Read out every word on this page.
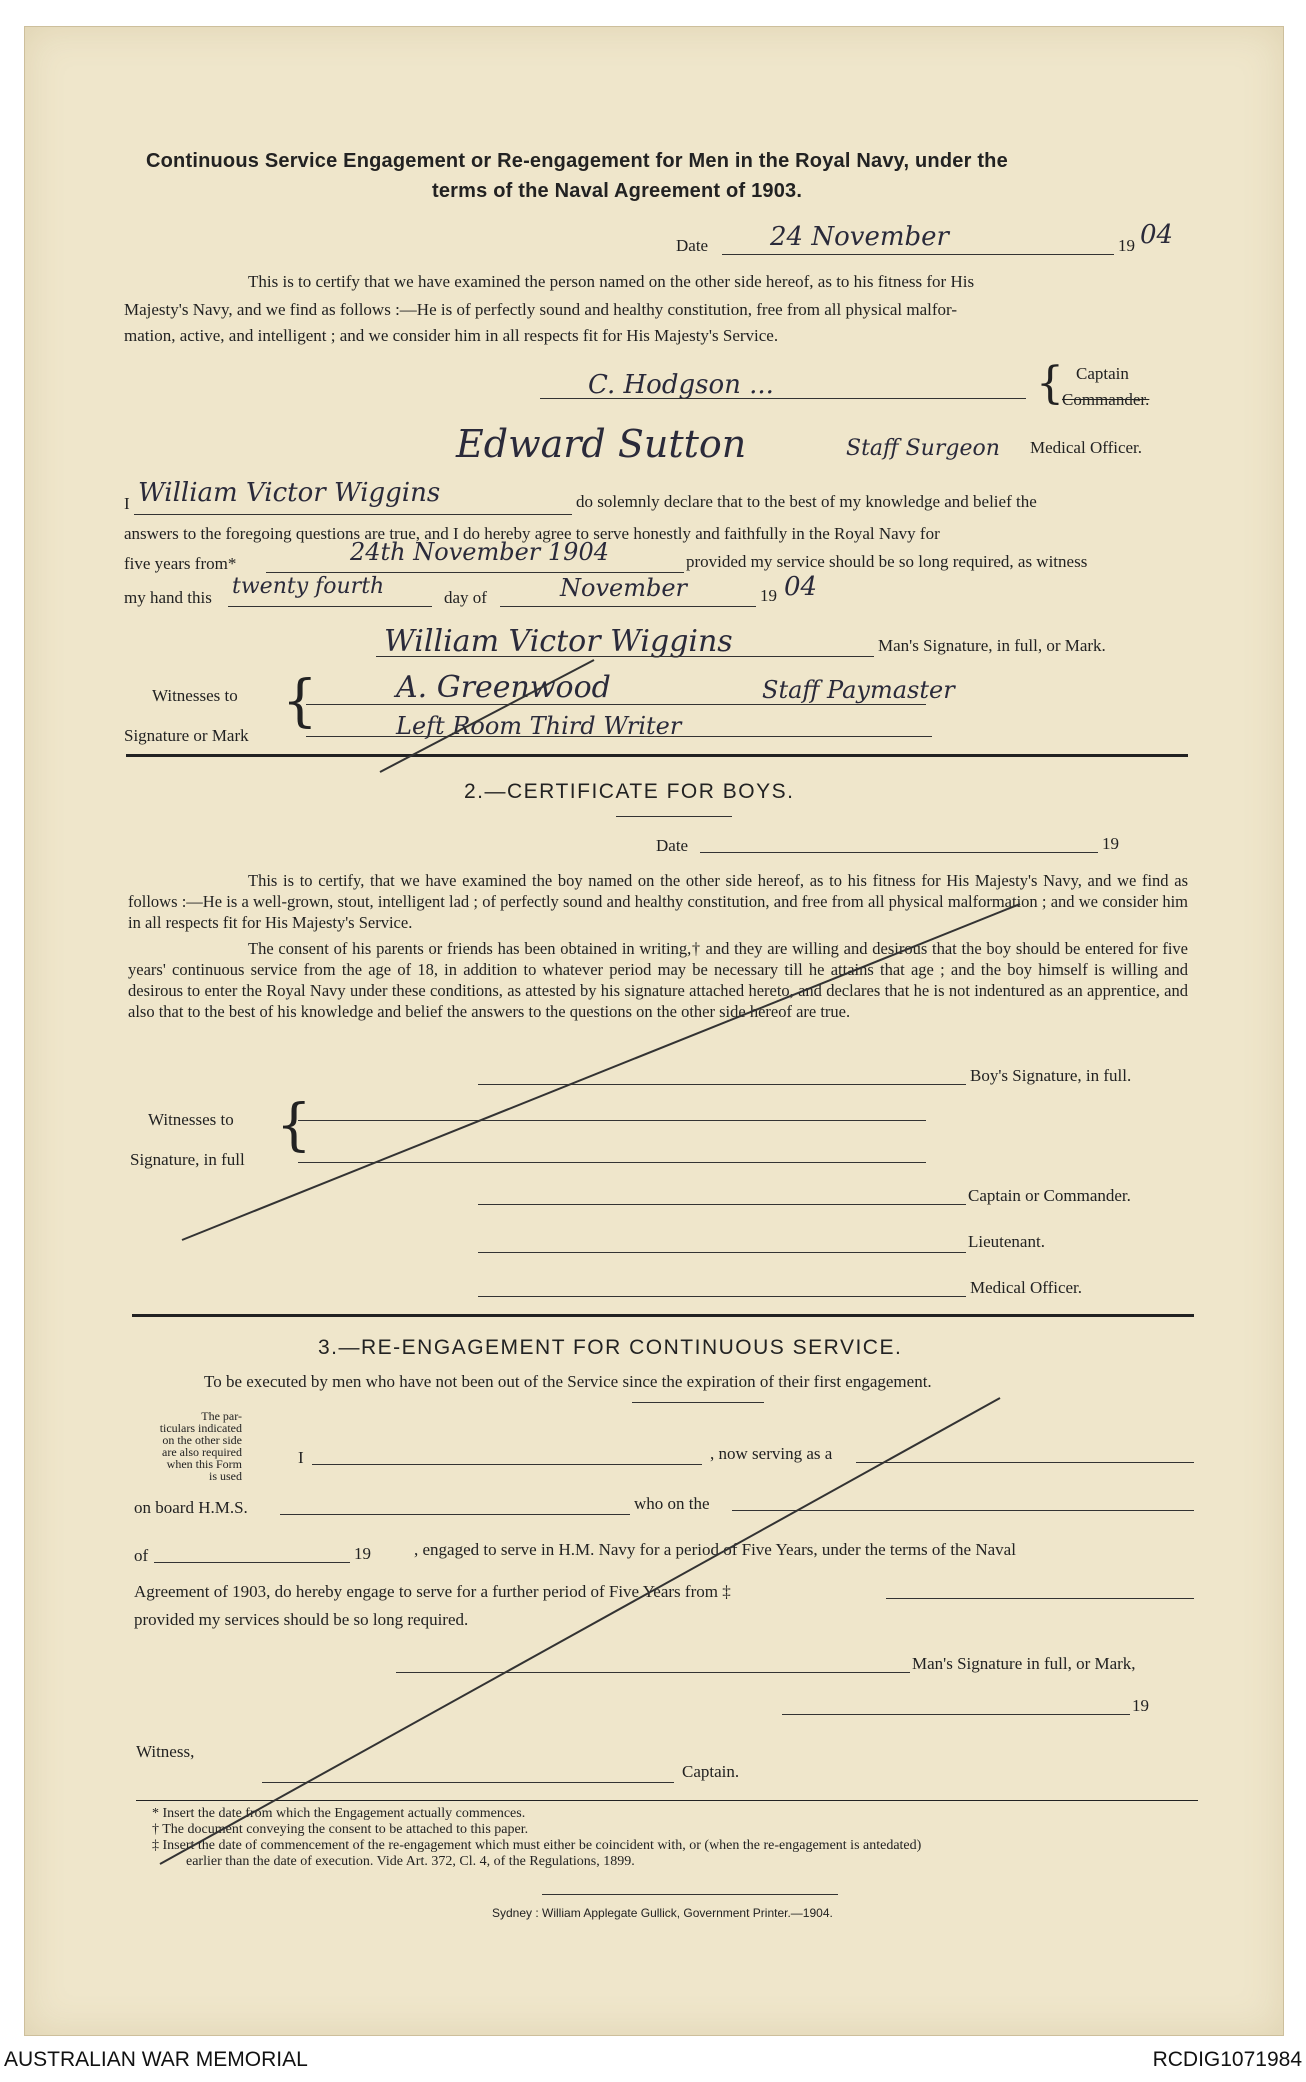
Continuous Service Engagement or Re-engagement for Men in the Royal Navy, under the
terms of the Naval Agreement of 1903.
Date 24 November	19 04
This is to certify that we have examined the person named on the other side hereof, as to his fitness for His
Majesty's Navy, and we find as follows :—He is of perfectly sound and healthy constitution, free from all physical malfor-
mation, active, and intelligent ; and we consider him in all respects fit for His Majesty's Service.
C. Hodgson ...	{ Captain
Commander.
Edward Sutton	Staff Surgeon Medical Officer.
I William Victor Wiggins	do solemnly declare that to the best of my knowledge and belief the
answers to the foregoing questions are true, and I do hereby agree to serve honestly and faithfully in the Royal Navy for
five years from*	24th November 1904	provided my service should be so long required, as witness
my hand this twenty fourth	day of	November	19 04
William Victor Wiggins	Man's Signature, in full, or Mark.
Witnesses to
Signature or Mark
{	A. Greenwood	Staff Paymaster
Left Room Third Writer
2.—CERTIFICATE FOR BOYS.
Date	19
This is to certify, that we have examined the boy named on the other side hereof, as to his fitness for His Majesty's Navy, and we find as follows :—He is a well-grown, stout, intelligent lad ; of perfectly sound and healthy constitution, and free from all physical malformation ; and we consider him in all respects fit for His Majesty's Service.
The consent of his parents or friends has been obtained in writing,† and they are willing and desirous that the boy should be entered for five years' continuous service from the age of 18, in addition to whatever period may be necessary till he attains that age ; and the boy himself is willing and desirous to enter the Royal Navy under these conditions, as attested by his signature attached hereto, and declares that he is not indentured as an apprentice, and also that to the best of his knowledge and belief the answers to the questions on the other side hereof are true.
Boy's Signature, in full.
Witnesses to
Signature, in full
{
Captain or Commander.
Lieutenant.
Medical Officer.
3.—RE-ENGAGEMENT FOR CONTINUOUS SERVICE.
To be executed by men who have not been out of the Service since the expiration of their first engagement.
The par-
ticulars indicated
on the other side
are also required
when this Form
is used
I	, now serving as a
on board H.M.S.	who on the
of	19	, engaged to serve in H.M. Navy for a period of Five Years, under the terms of the Naval
Agreement of 1903, do hereby engage to serve for a further period of Five Years from ‡
provided my services should be so long required.
Man's Signature in full, or Mark,
19
Witness,
Captain.
* Insert the date from which the Engagement actually commences.
† The document conveying the consent to be attached to this paper.
‡ Insert the date of commencement of the re-engagement which must either be coincident with, or (when the re-engagement is antedated)
earlier than the date of execution. Vide Art. 372, Cl. 4, of the Regulations, 1899.
Sydney : William Applegate Gullick, Government Printer.—1904.
AUSTRALIAN WAR MEMORIAL	RCDIG1071984
